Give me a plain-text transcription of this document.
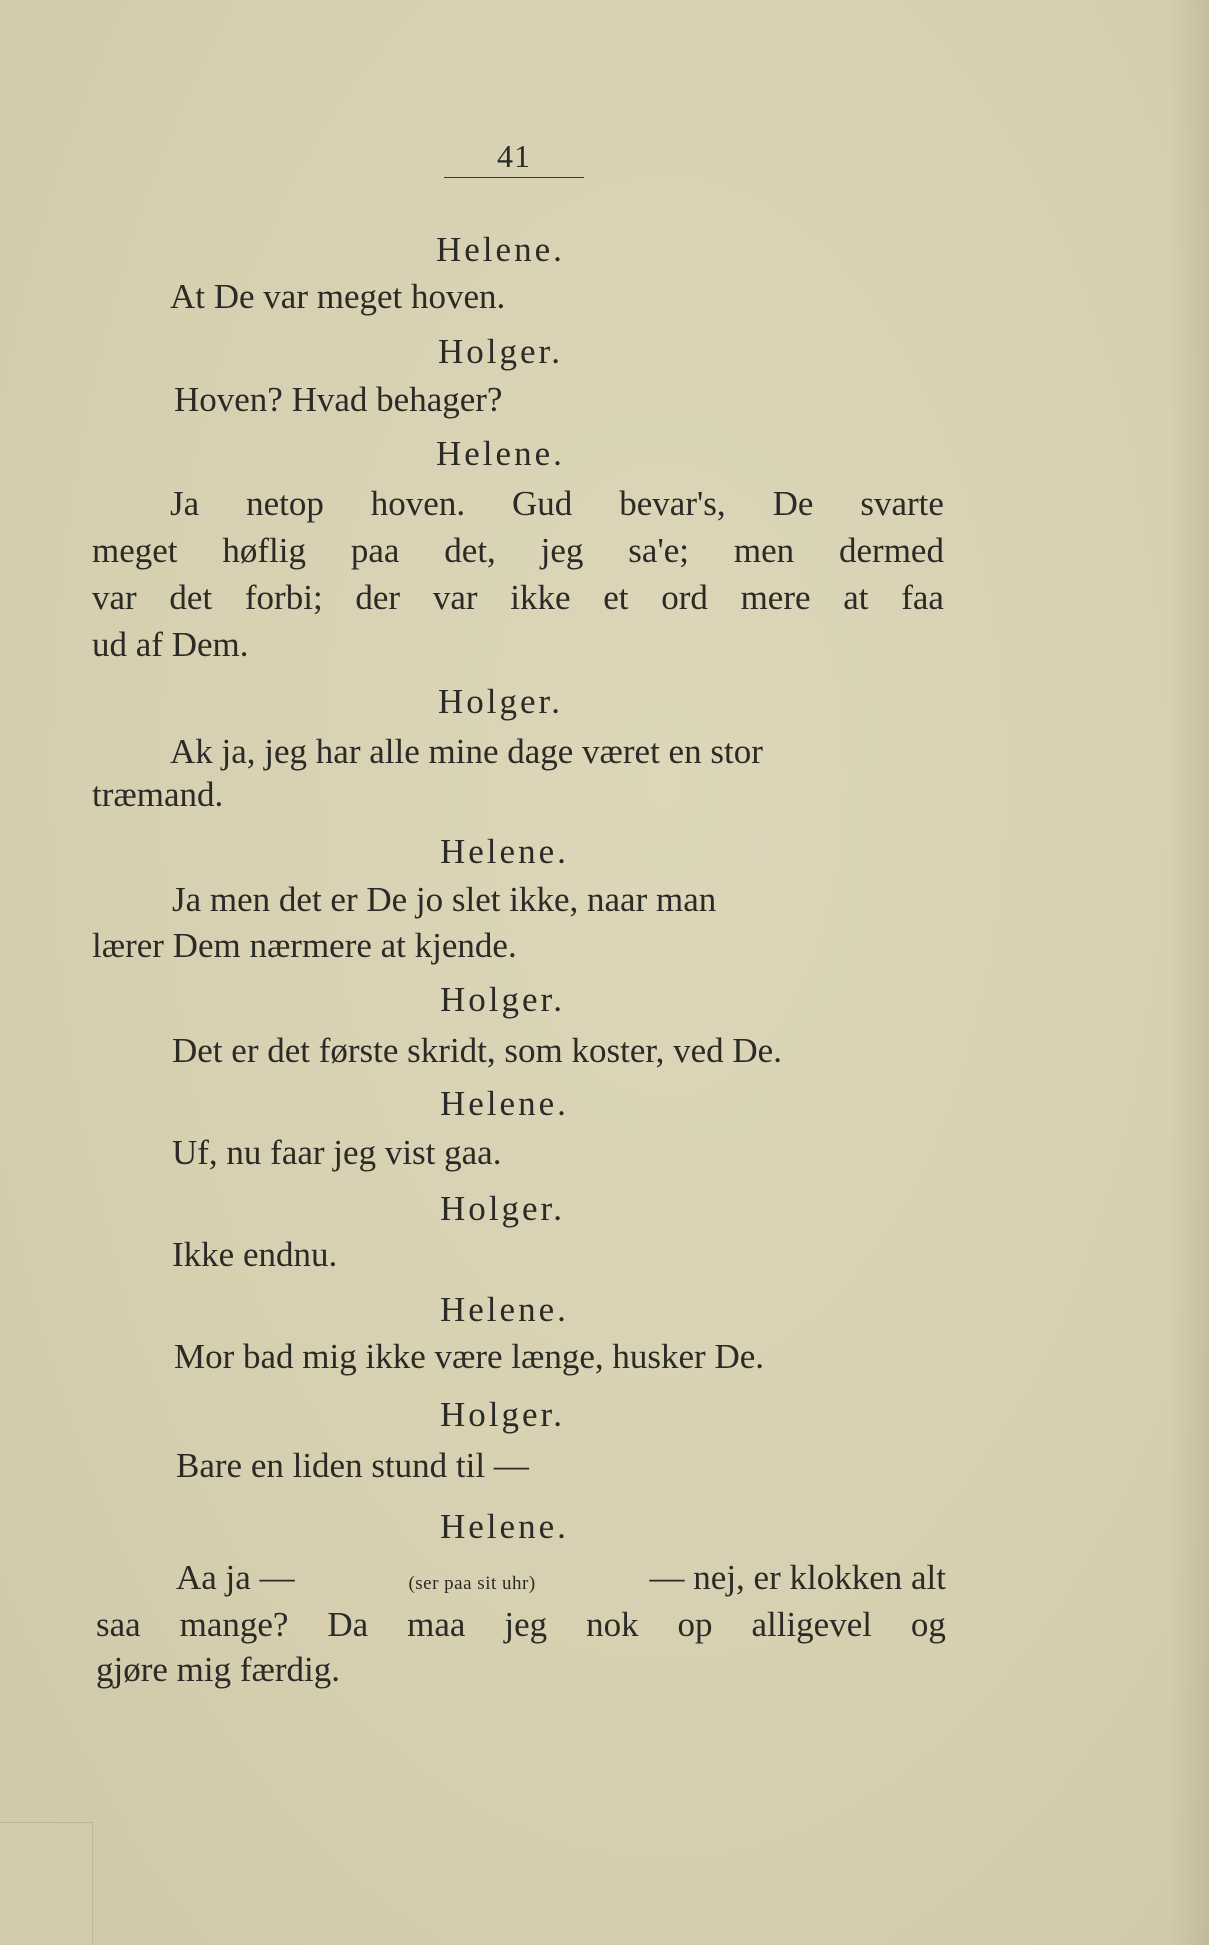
41
Helene.
At De var meget hoven.
Holger.
Hoven? Hvad behager?
Helene.
Ja netop hoven. Gud bevar's, De svarte
meget høflig paa det, jeg sa'e; men dermed
var det forbi; der var ikke et ord mere at faa
ud af Dem.
Holger.
Ak ja, jeg har alle mine dage været en stor
træmand.
Helene.
Ja men det er De jo slet ikke, naar man
lærer Dem nærmere at kjende.
Holger.
Det er det første skridt, som koster, ved De.
Helene.
Uf, nu faar jeg vist gaa.
Holger.
Ikke endnu.
Helene.
Mor bad mig ikke være længe, husker De.
Holger.
Bare en liden stund til —
Helene.
Aa ja —	(ser paa sit uhr)	— nej, er klokken alt
saa mange? Da maa jeg nok op alligevel og
gjøre mig færdig.
